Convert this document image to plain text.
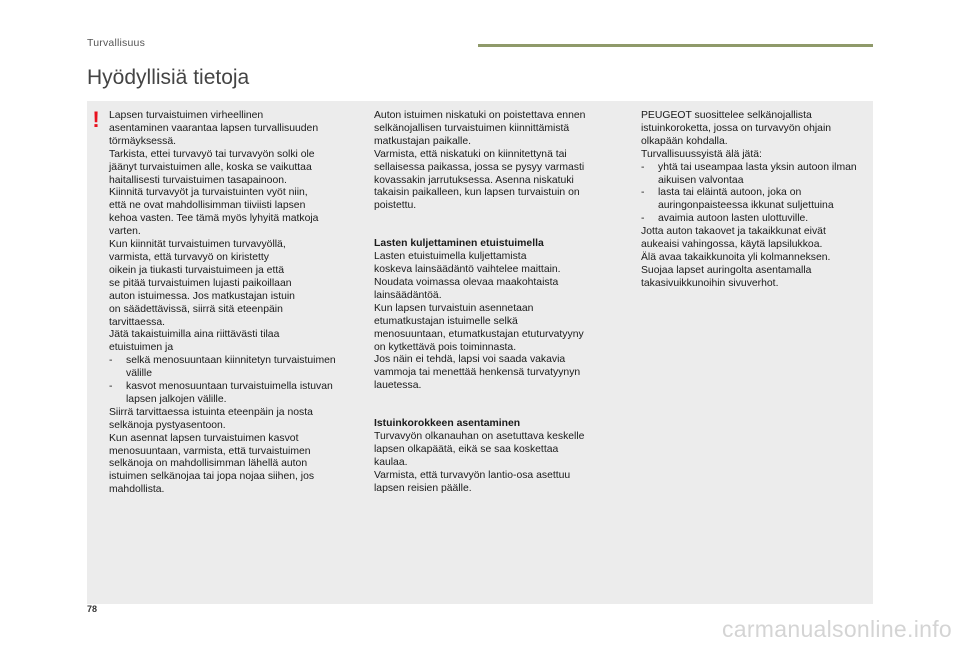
Turvallisuus
Hyödyllisiä tietoja
! Lapsen turvaistuimen virheellinen

asentaminen vaarantaa lapsen turvallisuuden

törmäyksessä.

Tarkista, ettei turvavyö tai turvavyön solki ole

jäänyt turvaistuimen alle, koska se vaikuttaa

haitallisesti turvaistuimen tasapainoon.

Kiinnitä turvavyöt ja turvaistuinten vyöt niin,

että ne ovat mahdollisimman tiiviisti lapsen

kehoa vasten. Tee tämä myös lyhyitä matkoja

varten.

Kun kiinnität turvaistuimen turvavyöllä,

varmista, että turvavyö on kiristetty

oikein ja tiukasti turvaistuimeen ja että

se pitää turvaistuimen lujasti paikoillaan

auton istuimessa. Jos matkustajan istuin

on säädettävissä, siirrä sitä eteenpäin

tarvittaessa.

Jätä takaistuimilla aina riittävästi tilaa

etuistuimen ja

- selkä menosuuntaan kiinnitetyn turvaistuimen välille
- kasvot menosuuntaan turvaistuimella istuvan lapsen jalkojen välille.

Siirrä tarvittaessa istuinta eteenpäin ja nosta

selkänoja pystyasentoon.

Kun asennat lapsen turvaistuimen kasvot

menosuuntaan, varmista, että turvaistuimen

selkänoja on mahdollisimman lähellä auton

istuimen selkänojaa tai jopa nojaa siihen, jos

mahdollista.

Auton istuimen niskatuki on poistettava ennen

selkänojallisen turvaistuimen kiinnittämistä

matkustajan paikalle.

Varmista, että niskatuki on kiinnitettynä tai

sellaisessa paikassa, jossa se pysyy varmasti

kovassakin jarrutuksessa. Asenna niskatuki

takaisin paikalleen, kun lapsen turvaistuin on

poistettu.

Lasten kuljettaminen etuistuimella

Lasten etuistuimella kuljettamista

koskeva lainsäädäntö vaihtelee maittain.

Noudata voimassa olevaa maakohtaista

lainsäädäntöä.

Kun lapsen turvaistuin asennetaan

etumatkustajan istuimelle selkä

menosuuntaan, etumatkustajan etuturvatyyny

on kytkettävä pois toiminnasta.

Jos näin ei tehdä, lapsi voi saada vakavia

vammoja tai menettää henkensä turvatyynyn

lauetessa.

Istuinkorokkeen asentaminen

Turvavyön olkanauhan on asetuttava keskelle

lapsen olkapäätä, eikä se saa koskettaa

kaulaa.

Varmista, että turvavyön lantio-osa asettuu

lapsen reisien päälle.

PEUGEOT suosittelee selkänojallista

istuinkoroketta, jossa on turvavyön ohjain

olkapään kohdalla.

Turvallisuussyistä älä jätä:

- yhtä tai useampaa lasta yksin autoon ilman aikuisen valvontaa
- lasta tai eläintä autoon, joka on auringonpaisteessa ikkunat suljettuina
- avaimia autoon lasten ulottuville.

Jotta auton takaovet ja takaikkunat eivät

aukeaisi vahingossa, käytä lapsilukkoa.

Älä avaa takaikkunoita yli kolmanneksen.

Suojaa lapset auringolta asentamalla

takasivuikkunoihin sivuverhot.

78
carmanualsonline.info
